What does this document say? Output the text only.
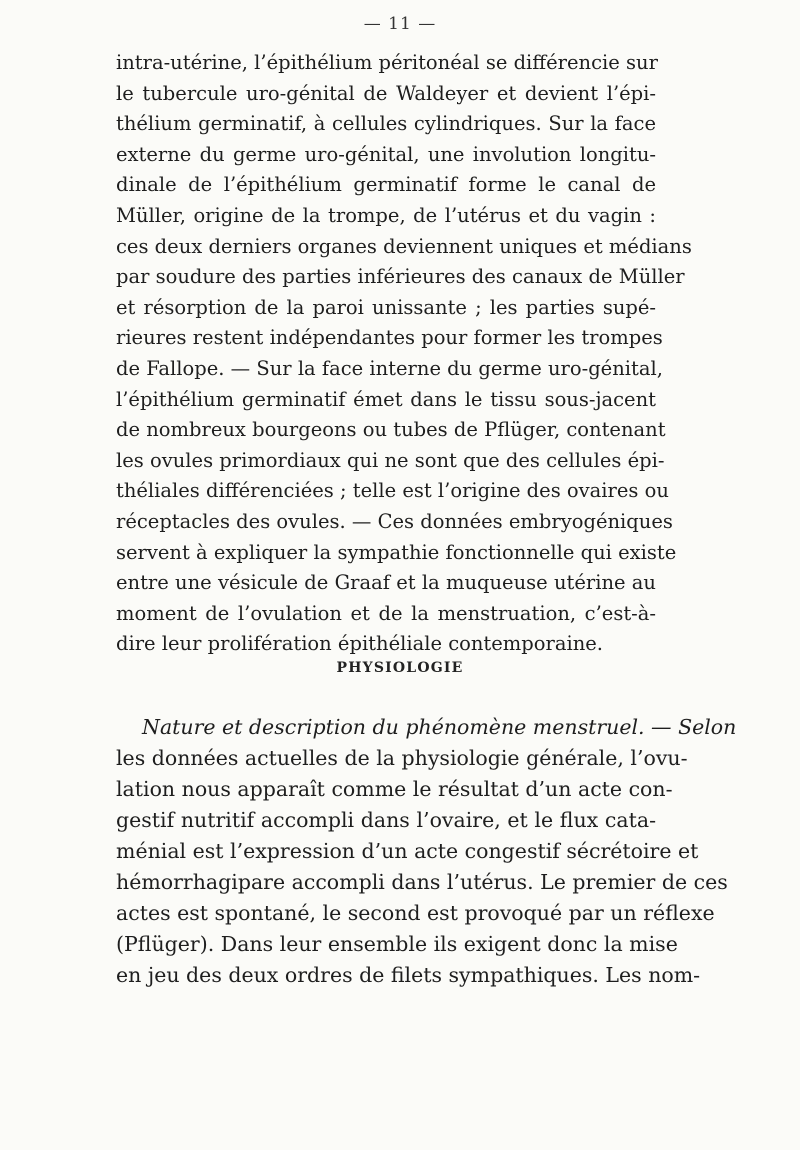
— 11 —
intra-utérine, l’épithélium péritonéal se différencie sur
le tubercule uro-génital de Waldeyer et devient l’épi-
thélium germinatif, à cellules cylindriques. Sur la face
externe du germe uro-génital, une involution longitu-
dinale de l’épithélium germinatif forme le canal de
Müller, origine de la trompe, de l’utérus et du vagin :
ces deux derniers organes deviennent uniques et médians
par soudure des parties inférieures des canaux de Müller
et résorption de la paroi unissante ; les parties supé-
rieures restent indépendantes pour former les trompes
de Fallope. — Sur la face interne du germe uro-génital,
l’épithélium germinatif émet dans le tissu sous-jacent
de nombreux bourgeons ou tubes de Pflüger, contenant
les ovules primordiaux qui ne sont que des cellules épi-
théliales différenciées ; telle est l’origine des ovaires ou
réceptacles des ovules. — Ces données embryogéniques
servent à expliquer la sympathie fonctionnelle qui existe
entre une vésicule de Graaf et la muqueuse utérine au
moment de l’ovulation et de la menstruation, c’est-à-
dire leur prolifération épithéliale contemporaine.
PHYSIOLOGIE
Nature et description du phénomène menstruel. — Selon
les données actuelles de la physiologie générale, l’ovu-
lation nous apparaît comme le résultat d’un acte con-
gestif nutritif accompli dans l’ovaire, et le flux cata-
ménial est l’expression d’un acte congestif sécrétoire et
hémorrhagipare accompli dans l’utérus. Le premier de ces
actes est spontané, le second est provoqué par un réflexe
(Pflüger). Dans leur ensemble ils exigent donc la mise
en jeu des deux ordres de filets sympathiques. Les nom-
